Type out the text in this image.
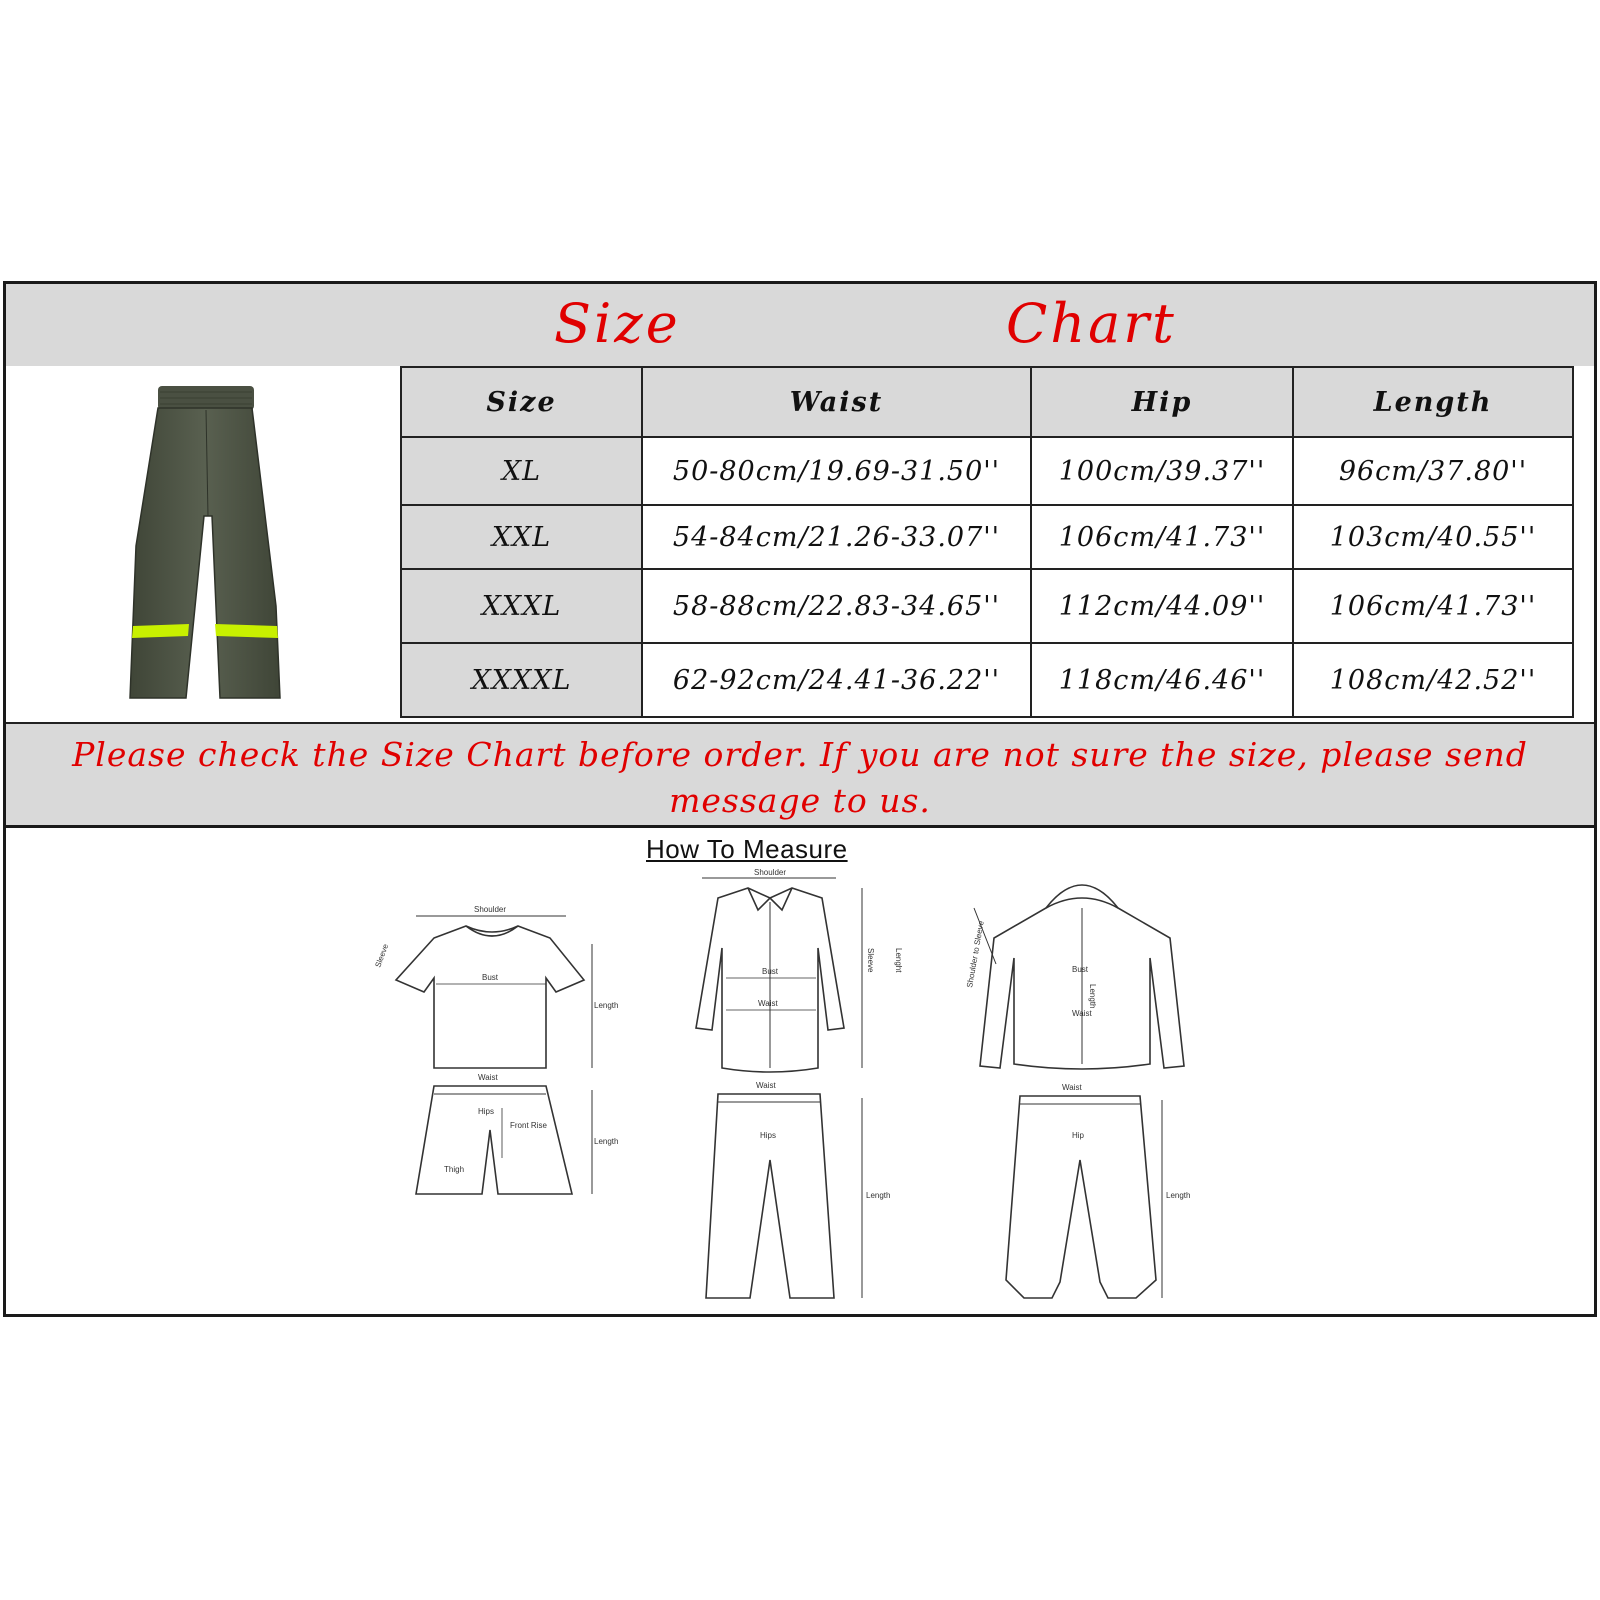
Size	Chart
Size	Waist	Hip	Length
XL	50-80cm/19.69-31.50''	100cm/39.37''	96cm/37.80''
XXL	54-84cm/21.26-33.07''	106cm/41.73''	103cm/40.55''
XXXL	58-88cm/22.83-34.65''	112cm/44.09''	106cm/41.73''
XXXXL	62-92cm/24.41-36.22''	118cm/46.46''	108cm/42.52''
Please check the Size Chart before order. If you are not sure the size, please send message to us.
How To Measure
Shoulder
Sleeve
Bust
Length
Waist
Hips
Front Rise
Thigh
Length
Shoulder
Bust
Waist
Sleeve Lenght
Waist
Hips
Length
Shoulder to Sleeve	Bust
Waist
Length
Waist
Hip
Length
